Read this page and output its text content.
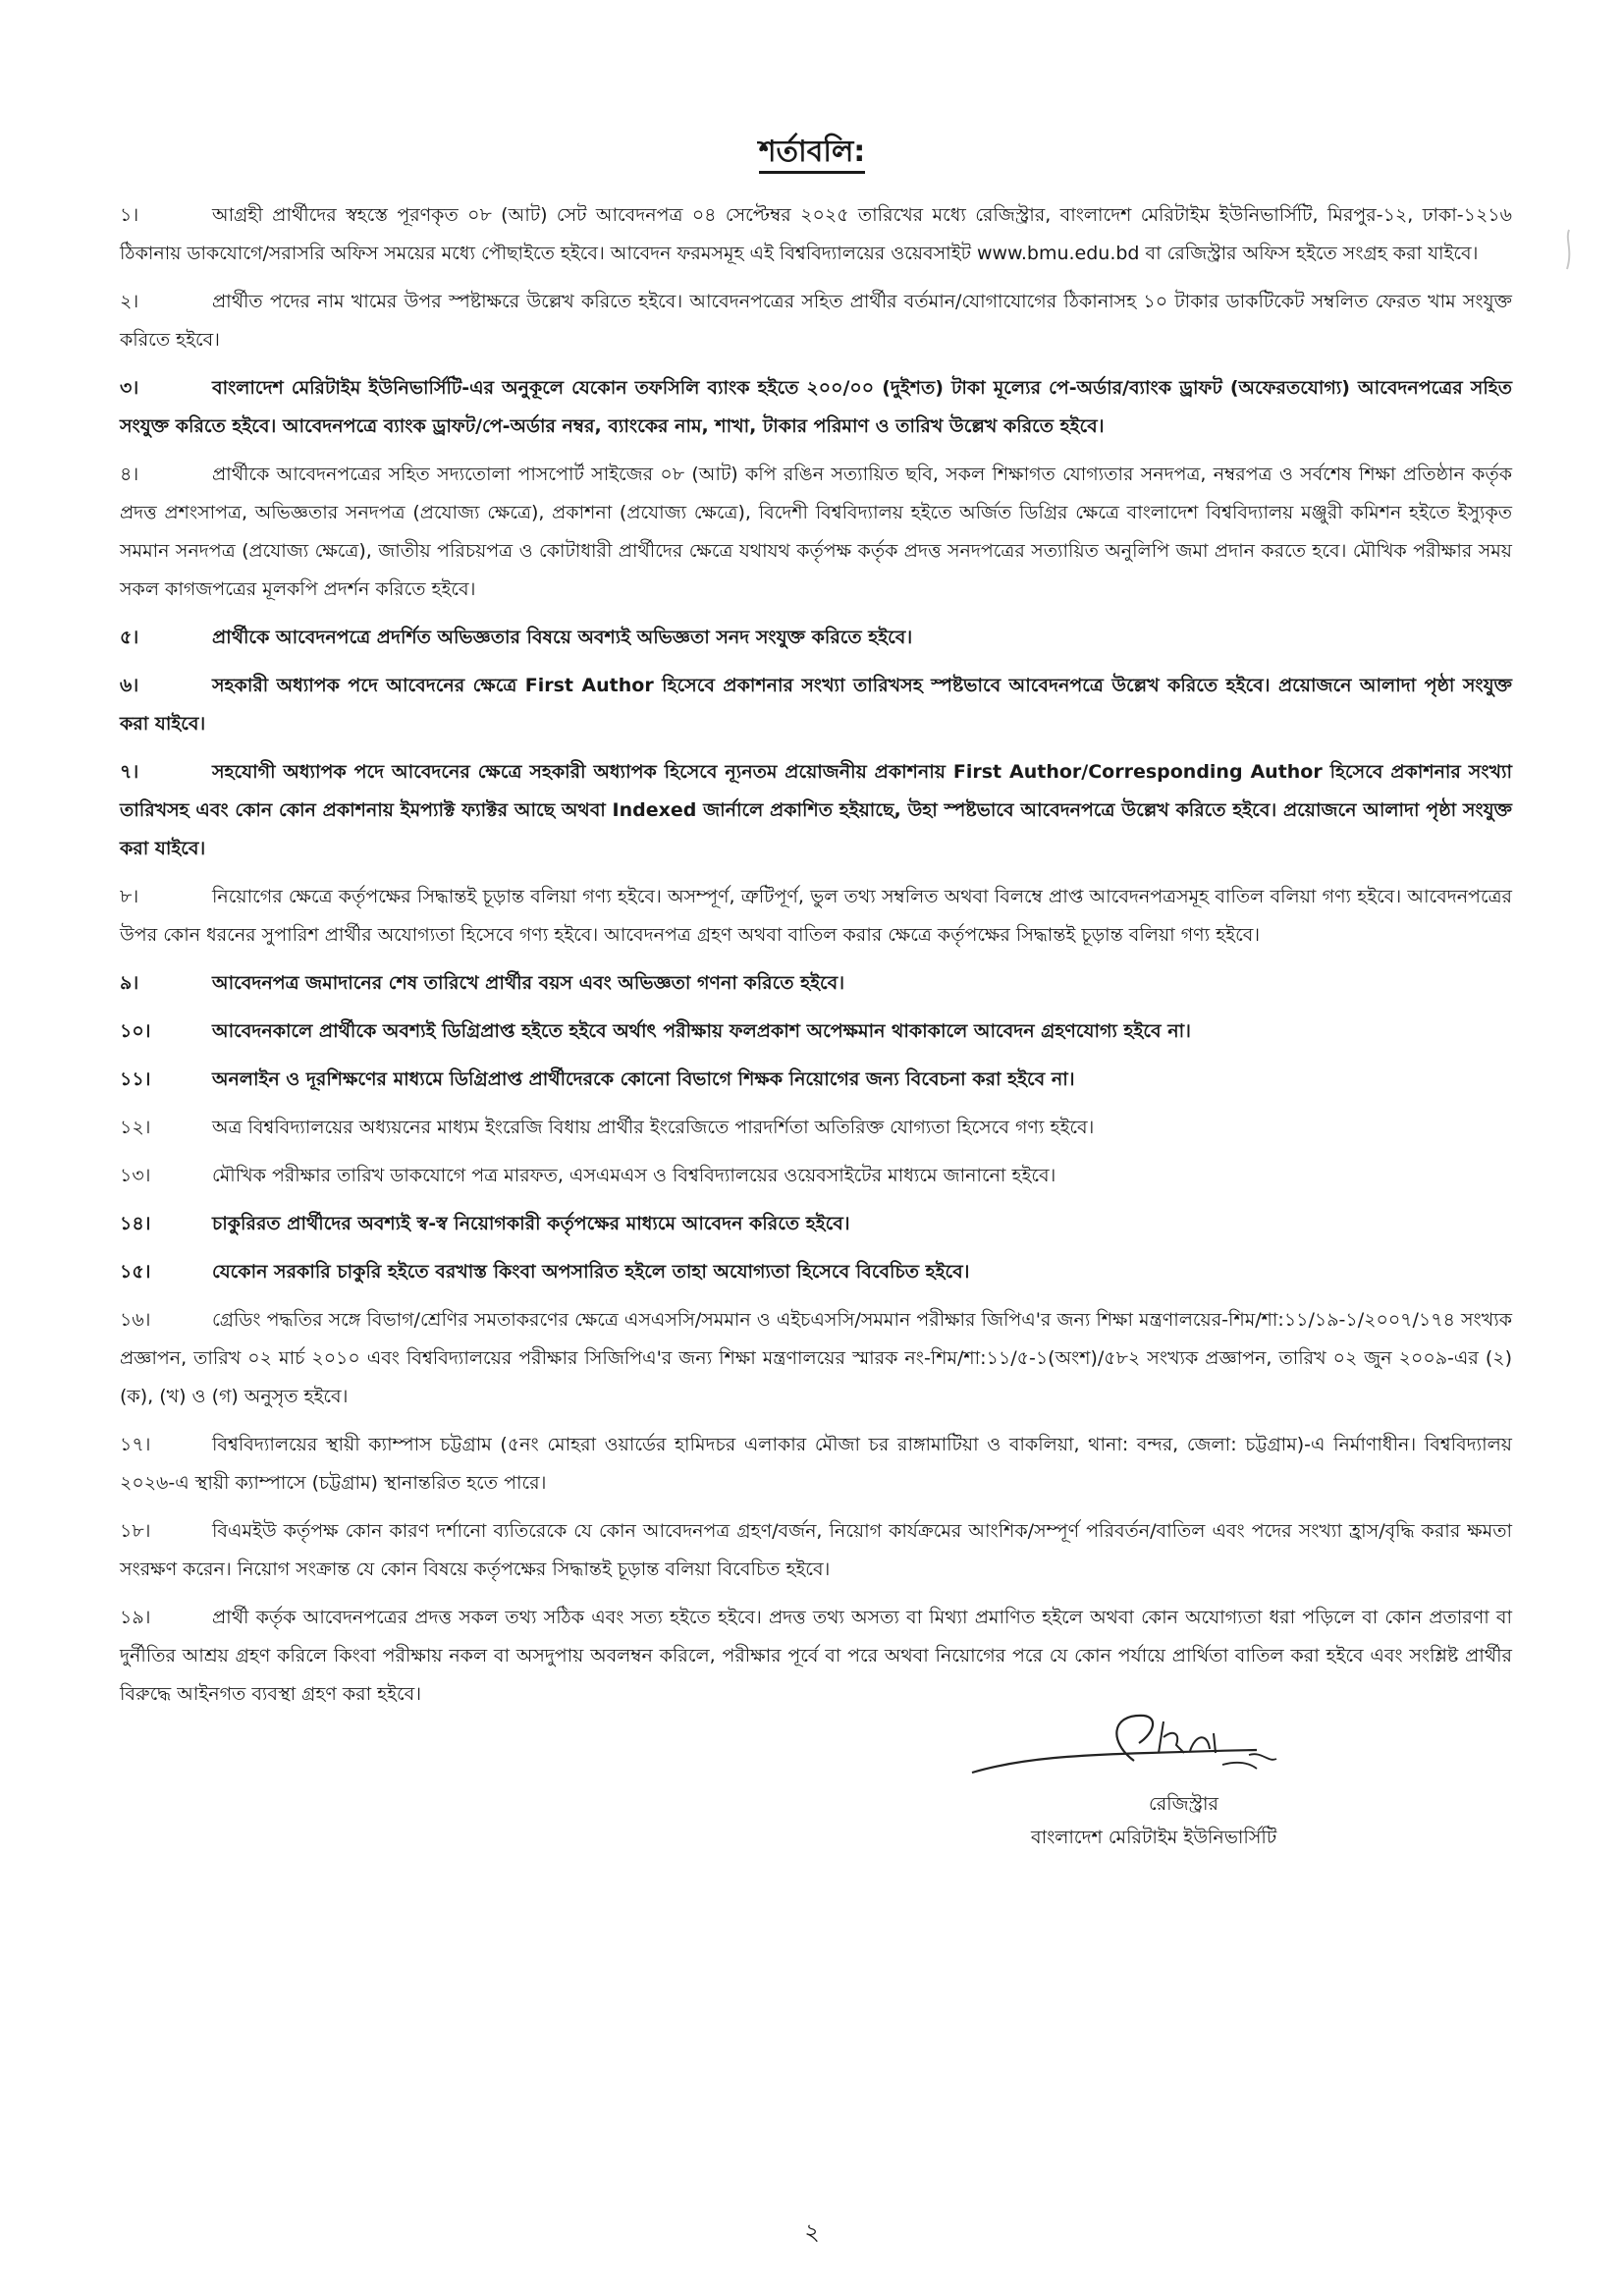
শর্তাবলি:
১।	আগ্রহী প্রার্থীদের স্বহস্তে পূরণকৃত ০৮ (আট) সেট আবেদনপত্র ০৪ সেপ্টেম্বর ২০২৫ তারিখের মধ্যে রেজিস্ট্রার, বাংলাদেশ মেরিটাইম ইউনিভার্সিটি, মিরপুর-১২, ঢাকা-১২১৬ ঠিকানায় ডাকযোগে/সরাসরি অফিস সময়ের মধ্যে পৌছাইতে হইবে। আবেদন ফরমসমূহ এই বিশ্ববিদ্যালয়ের ওয়েবসাইট www.bmu.edu.bd বা রেজিস্ট্রার অফিস হইতে সংগ্রহ করা যাইবে।
২।	প্রার্থীত পদের নাম খামের উপর স্পষ্টাক্ষরে উল্লেখ করিতে হইবে। আবেদনপত্রের সহিত প্রার্থীর বর্তমান/যোগাযোগের ঠিকানাসহ ১০ টাকার ডাকটিকেট সম্বলিত ফেরত খাম সংযুক্ত করিতে হইবে।
৩।	বাংলাদেশ মেরিটাইম ইউনিভার্সিটি-এর অনুকূলে যেকোন তফসিলি ব্যাংক হইতে ২০০/০০ (দুইশত) টাকা মূল্যের পে-অর্ডার/ব্যাংক ড্রাফট (অফেরতযোগ্য) আবেদনপত্রের সহিত সংযুক্ত করিতে হইবে। আবেদনপত্রে ব্যাংক ড্রাফট/পে-অর্ডার নম্বর, ব্যাংকের নাম, শাখা, টাকার পরিমাণ ও তারিখ উল্লেখ করিতে হইবে।
৪।	প্রার্থীকে আবেদনপত্রের সহিত সদ্যতোলা পাসপোর্ট সাইজের ০৮ (আট) কপি রঙিন সত্যায়িত ছবি, সকল শিক্ষাগত যোগ্যতার সনদপত্র, নম্বরপত্র ও সর্বশেষ শিক্ষা প্রতিষ্ঠান কর্তৃক প্রদত্ত প্রশংসাপত্র, অভিজ্ঞতার সনদপত্র (প্রযোজ্য ক্ষেত্রে), প্রকাশনা (প্রযোজ্য ক্ষেত্রে), বিদেশী বিশ্ববিদ্যালয় হইতে অর্জিত ডিগ্রির ক্ষেত্রে বাংলাদেশ বিশ্ববিদ্যালয় মঞ্জুরী কমিশন হইতে ইস্যুকৃত সমমান সনদপত্র (প্রযোজ্য ক্ষেত্রে), জাতীয় পরিচয়পত্র ও কোটাধারী প্রার্থীদের ক্ষেত্রে যথাযথ কর্তৃপক্ষ কর্তৃক প্রদত্ত সনদপত্রের সত্যায়িত অনুলিপি জমা প্রদান করতে হবে। মৌখিক পরীক্ষার সময় সকল কাগজপত্রের মূলকপি প্রদর্শন করিতে হইবে।
৫।	প্রার্থীকে আবেদনপত্রে প্রদর্শিত অভিজ্ঞতার বিষয়ে অবশ্যই অভিজ্ঞতা সনদ সংযুক্ত করিতে হইবে।
৬।	সহকারী অধ্যাপক পদে আবেদনের ক্ষেত্রে First Author হিসেবে প্রকাশনার সংখ্যা তারিখসহ স্পষ্টভাবে আবেদনপত্রে উল্লেখ করিতে হইবে। প্রয়োজনে আলাদা পৃষ্ঠা সংযুক্ত করা যাইবে।
৭।	সহযোগী অধ্যাপক পদে আবেদনের ক্ষেত্রে সহকারী অধ্যাপক হিসেবে ন্যূনতম প্রয়োজনীয় প্রকাশনায় First Author/Corresponding Author হিসেবে প্রকাশনার সংখ্যা তারিখসহ এবং কোন কোন প্রকাশনায় ইমপ্যাক্ট ফ্যাক্টর আছে অথবা Indexed জার্নালে প্রকাশিত হইয়াছে, উহা স্পষ্টভাবে আবেদনপত্রে উল্লেখ করিতে হইবে। প্রয়োজনে আলাদা পৃষ্ঠা সংযুক্ত করা যাইবে।
৮।	নিয়োগের ক্ষেত্রে কর্তৃপক্ষের সিদ্ধান্তই চূড়ান্ত বলিয়া গণ্য হইবে। অসম্পূর্ণ, ত্রুটিপূর্ণ, ভুল তথ্য সম্বলিত অথবা বিলম্বে প্রাপ্ত আবেদনপত্রসমূহ বাতিল বলিয়া গণ্য হইবে। আবেদনপত্রের উপর কোন ধরনের সুপারিশ প্রার্থীর অযোগ্যতা হিসেবে গণ্য হইবে। আবেদনপত্র গ্রহণ অথবা বাতিল করার ক্ষেত্রে কর্তৃপক্ষের সিদ্ধান্তই চূড়ান্ত বলিয়া গণ্য হইবে।
৯।	আবেদনপত্র জমাদানের শেষ তারিখে প্রার্থীর বয়স এবং অভিজ্ঞতা গণনা করিতে হইবে।
১০।	আবেদনকালে প্রার্থীকে অবশ্যই ডিগ্রিপ্রাপ্ত হইতে হইবে অর্থাৎ পরীক্ষায় ফলপ্রকাশ অপেক্ষমান থাকাকালে আবেদন গ্রহণযোগ্য হইবে না।
১১।	অনলাইন ও দূরশিক্ষণের মাধ্যমে ডিগ্রিপ্রাপ্ত প্রার্থীদেরকে কোনো বিভাগে শিক্ষক নিয়োগের জন্য বিবেচনা করা হইবে না।
১২।	অত্র বিশ্ববিদ্যালয়ের অধ্যয়নের মাধ্যম ইংরেজি বিধায় প্রার্থীর ইংরেজিতে পারদর্শিতা অতিরিক্ত যোগ্যতা হিসেবে গণ্য হইবে।
১৩।	মৌখিক পরীক্ষার তারিখ ডাকযোগে পত্র মারফত, এসএমএস ও বিশ্ববিদ্যালয়ের ওয়েবসাইটের মাধ্যমে জানানো হইবে।
১৪।	চাকুরিরত প্রার্থীদের অবশ্যই স্ব-স্ব নিয়োগকারী কর্তৃপক্ষের মাধ্যমে আবেদন করিতে হইবে।
১৫।	যেকোন সরকারি চাকুরি হইতে বরখাস্ত কিংবা অপসারিত হইলে তাহা অযোগ্যতা হিসেবে বিবেচিত হইবে।
১৬।	গ্রেডিং পদ্ধতির সঙ্গে বিভাগ/শ্রেণির সমতাকরণের ক্ষেত্রে এসএসসি/সমমান ও এইচএসসি/সমমান পরীক্ষার জিপিএ'র জন্য শিক্ষা মন্ত্রণালয়ের-শিম/শা:১১/১৯-১/২০০৭/১৭৪ সংখ্যক প্রজ্ঞাপন, তারিখ ০২ মার্চ ২০১০ এবং বিশ্ববিদ্যালয়ের পরীক্ষার সিজিপিএ'র জন্য শিক্ষা মন্ত্রণালয়ের স্মারক নং-শিম/শা:১১/৫-১(অংশ)/৫৮২ সংখ্যক প্রজ্ঞাপন, তারিখ ০২ জুন ২০০৯-এর (২) (ক), (খ) ও (গ) অনুসৃত হইবে।
১৭।	বিশ্ববিদ্যালয়ের স্থায়ী ক্যাম্পাস চট্টগ্রাম (৫নং মোহরা ওয়ার্ডের হামিদচর এলাকার মৌজা চর রাঙ্গামাটিয়া ও বাকলিয়া, থানা: বন্দর, জেলা: চট্টগ্রাম)-এ নির্মাণাধীন। বিশ্ববিদ্যালয় ২০২৬-এ স্থায়ী ক্যাম্পাসে (চট্টগ্রাম) স্থানান্তরিত হতে পারে।
১৮।	বিএমইউ কর্তৃপক্ষ কোন কারণ দর্শানো ব্যতিরেকে যে কোন আবেদনপত্র গ্রহণ/বর্জন, নিয়োগ কার্যক্রমের আংশিক/সম্পূর্ণ পরিবর্তন/বাতিল এবং পদের সংখ্যা হ্রাস/বৃদ্ধি করার ক্ষমতা সংরক্ষণ করেন। নিয়োগ সংক্রান্ত যে কোন বিষয়ে কর্তৃপক্ষের সিদ্ধান্তই চূড়ান্ত বলিয়া বিবেচিত হইবে।
১৯।	প্রার্থী কর্তৃক আবেদনপত্রের প্রদত্ত সকল তথ্য সঠিক এবং সত্য হইতে হইবে। প্রদত্ত তথ্য অসত্য বা মিথ্যা প্রমাণিত হইলে অথবা কোন অযোগ্যতা ধরা পড়িলে বা কোন প্রতারণা বা দুর্নীতির আশ্রয় গ্রহণ করিলে কিংবা পরীক্ষায় নকল বা অসদুপায় অবলম্বন করিলে, পরীক্ষার পূর্বে বা পরে অথবা নিয়োগের পরে যে কোন পর্যায়ে প্রার্থিতা বাতিল করা হইবে এবং সংশ্লিষ্ট প্রার্থীর বিরুদ্ধে আইনগত ব্যবস্থা গ্রহণ করা হইবে।
রেজিস্ট্রার
বাংলাদেশ মেরিটাইম ইউনিভার্সিটি
২
